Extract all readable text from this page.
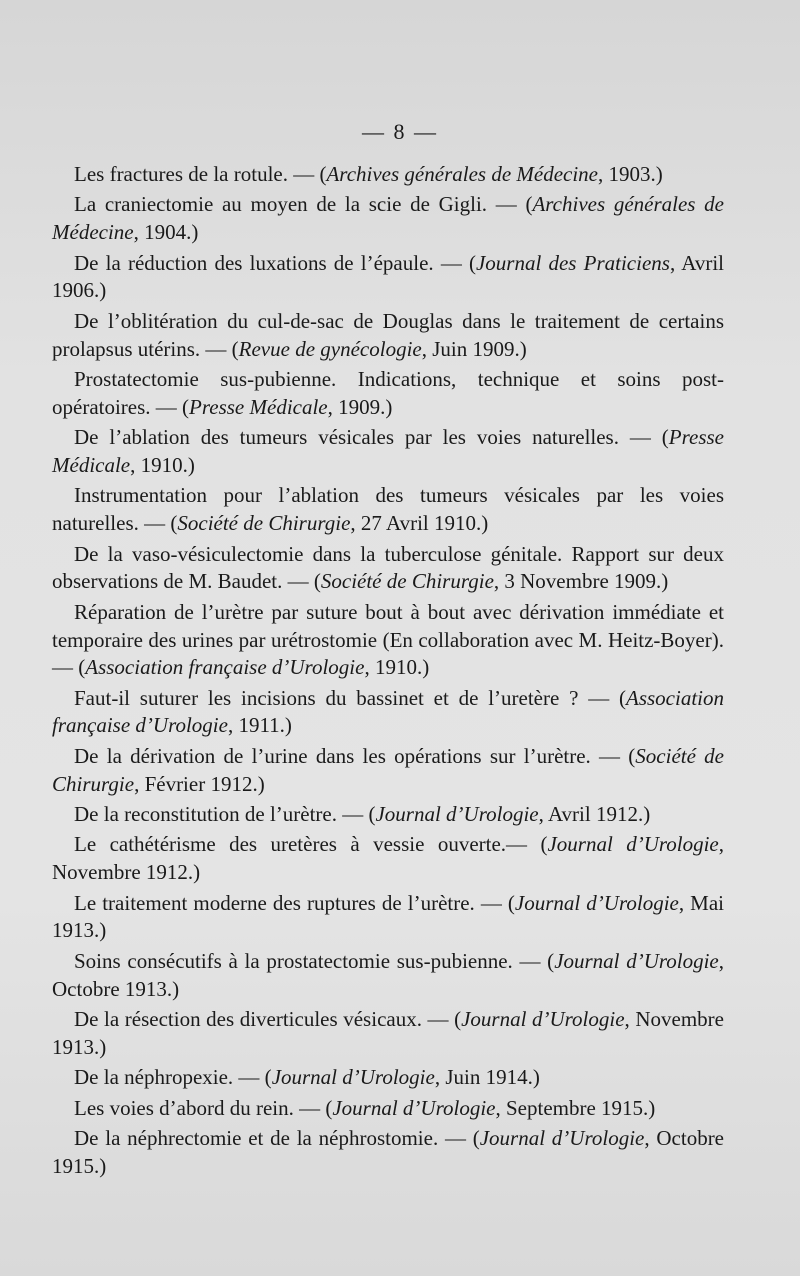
— 8 —

Les fractures de la rotule. — (Archives générales de Médecine, 1903.)

La craniectomie au moyen de la scie de Gigli. — (Archives générales de Médecine, 1904.)

De la réduction des luxations de l’épaule. — (Journal des Praticiens, Avril 1906.)

De l’oblitération du cul-de-sac de Douglas dans le traitement de certains prolapsus utérins. — (Revue de gynécologie, Juin 1909.)

Prostatectomie sus-pubienne. Indications, technique et soins post-opératoires. — (Presse Médicale, 1909.)

De l’ablation des tumeurs vésicales par les voies naturelles. — (Presse Médicale, 1910.)

Instrumentation pour l’ablation des tumeurs vésicales par les voies naturelles. — (Société de Chirurgie, 27 Avril 1910.)

De la vaso-vésiculectomie dans la tuberculose génitale. Rapport sur deux observations de M. Baudet. — (Société de Chirurgie, 3 Novembre 1909.)

Réparation de l’urètre par suture bout à bout avec dérivation immédiate et temporaire des urines par urétrostomie (En collaboration avec M. Heitz-Boyer). — (Association française d’Urologie, 1910.)

Faut-il suturer les incisions du bassinet et de l’uretère ? — (Association française d’Urologie, 1911.)

De la dérivation de l’urine dans les opérations sur l’urètre. — (Société de Chirurgie, Février 1912.)

De la reconstitution de l’urètre. — (Journal d’Urologie, Avril 1912.)

Le cathétérisme des uretères à vessie ouverte.— (Journal d’Urologie, Novembre 1912.)

Le traitement moderne des ruptures de l’urètre. — (Journal d’Urologie, Mai 1913.)

Soins consécutifs à la prostatectomie sus-pubienne. — (Journal d’Urologie, Octobre 1913.)

De la résection des diverticules vésicaux. — (Journal d’Urologie, Novembre 1913.)

De la néphropexie. — (Journal d’Urologie, Juin 1914.)

Les voies d’abord du rein. — (Journal d’Urologie, Septembre 1915.)

De la néphrectomie et de la néphrostomie. — (Journal d’Urologie, Octobre 1915.)
